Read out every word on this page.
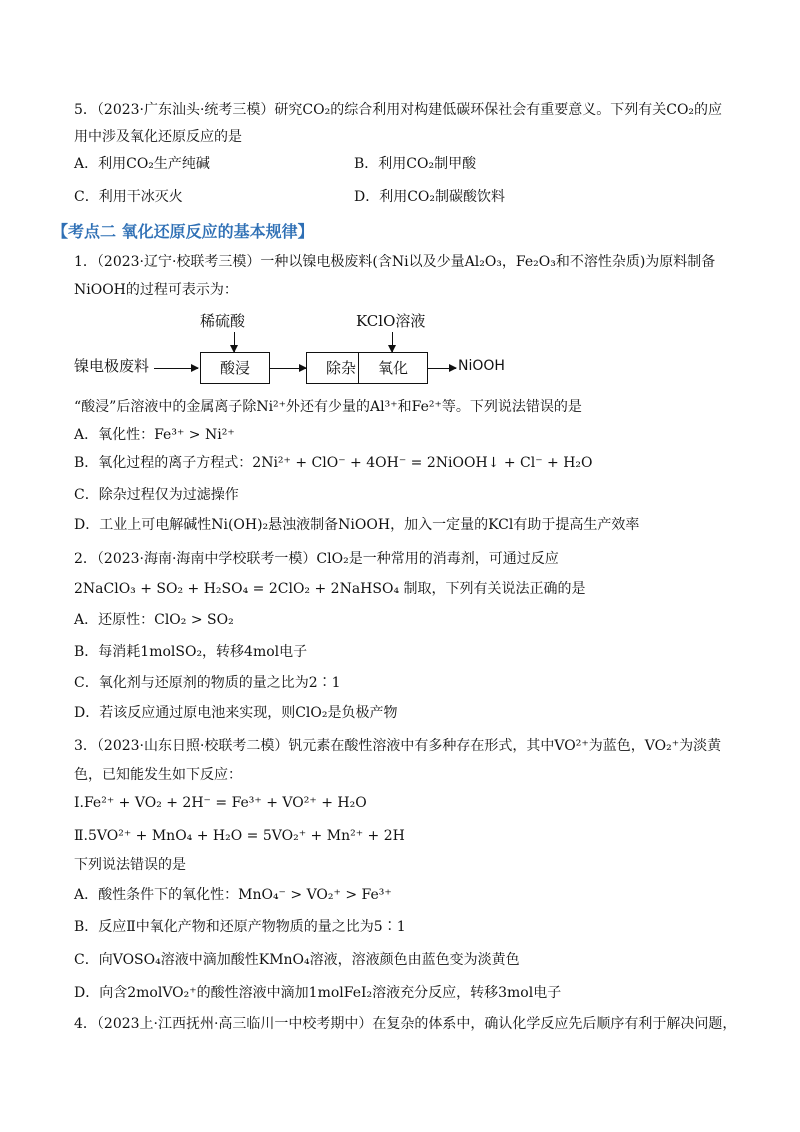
5．（2023·广东汕头·统考三模）研究CO₂的综合利用对构建低碳环保社会有重要意义。下列有关CO₂的应
用中涉及氧化还原反应的是
A．利用CO₂生产纯碱	B．利用CO₂制甲酸
C．利用干冰灭火	D．利用CO₂制碳酸饮料
【考点二 氧化还原反应的基本规律】
1．（2023·辽宁·校联考三模）一种以镍电极废料(含Ni以及少量Al₂O₃，Fe₂O₃和不溶性杂质)为原料制备
NiOOH的过程可表示为：
镍电极废料
稀硫酸
酸浸	除杂
KClO溶液
氧化	NiOOH
“酸浸”后溶液中的金属离子除Ni²⁺外还有少量的Al³⁺和Fe²⁺等。下列说法错误的是
A．氧化性：Fe³⁺ > Ni²⁺
B．氧化过程的离子方程式：2Ni²⁺ + ClO⁻ + 4OH⁻ = 2NiOOH↓ + Cl⁻ + H₂O
C．除杂过程仅为过滤操作
D．工业上可电解碱性Ni(OH)₂悬浊液制备NiOOH，加入一定量的KCl有助于提高生产效率
2．（2023·海南·海南中学校联考一模）ClO₂是一种常用的消毒剂，可通过反应
2NaClO₃ + SO₂ + H₂SO₄ = 2ClO₂ + 2NaHSO₄ 制取，下列有关说法正确的是
A．还原性：ClO₂ > SO₂
B．每消耗1molSO₂，转移4mol电子
C．氧化剂与还原剂的物质的量之比为2∶1
D．若该反应通过原电池来实现，则ClO₂是负极产物
3．（2023·山东日照·校联考二模）钒元素在酸性溶液中有多种存在形式，其中VO²⁺为蓝色，VO₂⁺为淡黄
色，已知能发生如下反应：
Ⅰ.Fe²⁺ + VO₂ + 2H⁻ = Fe³⁺ + VO²⁺ + H₂O
Ⅱ.5VO²⁺ + MnO₄ + H₂O = 5VO₂⁺ + Mn²⁺ + 2H
下列说法错误的是
A．酸性条件下的氧化性：MnO₄⁻ > VO₂⁺ > Fe³⁺
B．反应Ⅱ中氧化产物和还原产物物质的量之比为5∶1
C．向VOSO₄溶液中滴加酸性KMnO₄溶液，溶液颜色由蓝色变为淡黄色
D．向含2molVO₂⁺的酸性溶液中滴加1molFeI₂溶液充分反应，转移3mol电子
4．（2023上·江西抚州·高三临川一中校考期中）在复杂的体系中，确认化学反应先后顺序有利于解决问题，
